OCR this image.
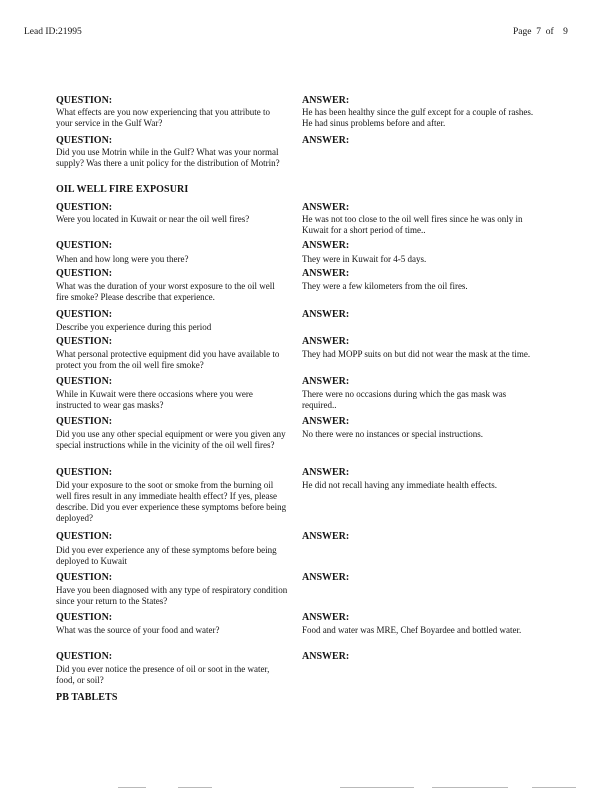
Lead ID:21995	Page 7 of 9
QUESTION:
What effects are you now experiencing that you attribute to your service in the Gulf War?
ANSWER:
He has been healthy since the gulf except for a couple of rashes. He had sinus problems before and after.
QUESTION:
Did you use Motrin while in the Gulf? What was your normal supply? Was there a unit policy for the distribution of Motrin?
ANSWER:
OIL WELL FIRE EXPOSURI
QUESTION:
Were you located in Kuwait or near the oil well fires?
ANSWER:
He was not too close to the oil well fires since he was only in Kuwait for a short period of time..
QUESTION:
When and how long were you there?
ANSWER:
They were in Kuwait for 4-5 days.
QUESTION:
What was the duration of your worst exposure to the oil well fire smoke? Please describe that experience.
ANSWER:
They were a few kilometers from the oil fires.
QUESTION:
Describe you experience during this period
ANSWER:
QUESTION:
What personal protective equipment did you have available to protect you from the oil well fire smoke?
ANSWER:
They had MOPP suits on but did not wear the mask at the time.
QUESTION:
While in Kuwait were there occasions where you were instructed to wear gas masks?
ANSWER:
There were no occasions during which the gas mask was required..
QUESTION:
Did you use any other special equipment or were you given any special instructions while in the vicinity of the oil well fires?
ANSWER:
No there were no instances or special instructions.
QUESTION:
Did your exposure to the soot or smoke from the burning oil well fires result in any immediate health effect? If yes, please describe. Did you ever experience these symptoms before being deployed?
ANSWER:
He did not recall having any immediate health effects.
QUESTION:
Did you ever experience any of these symptoms before being deployed to Kuwait
ANSWER:
QUESTION:
Have you been diagnosed with any type of respiratory condition since your return to the States?
ANSWER:
QUESTION:
What was the source of your food and water?
ANSWER:
Food and water was MRE, Chef Boyardee and bottled water.
QUESTION:
Did you ever notice the presence of oil or soot in the water, food, or soil?
ANSWER:
PB TABLETS
